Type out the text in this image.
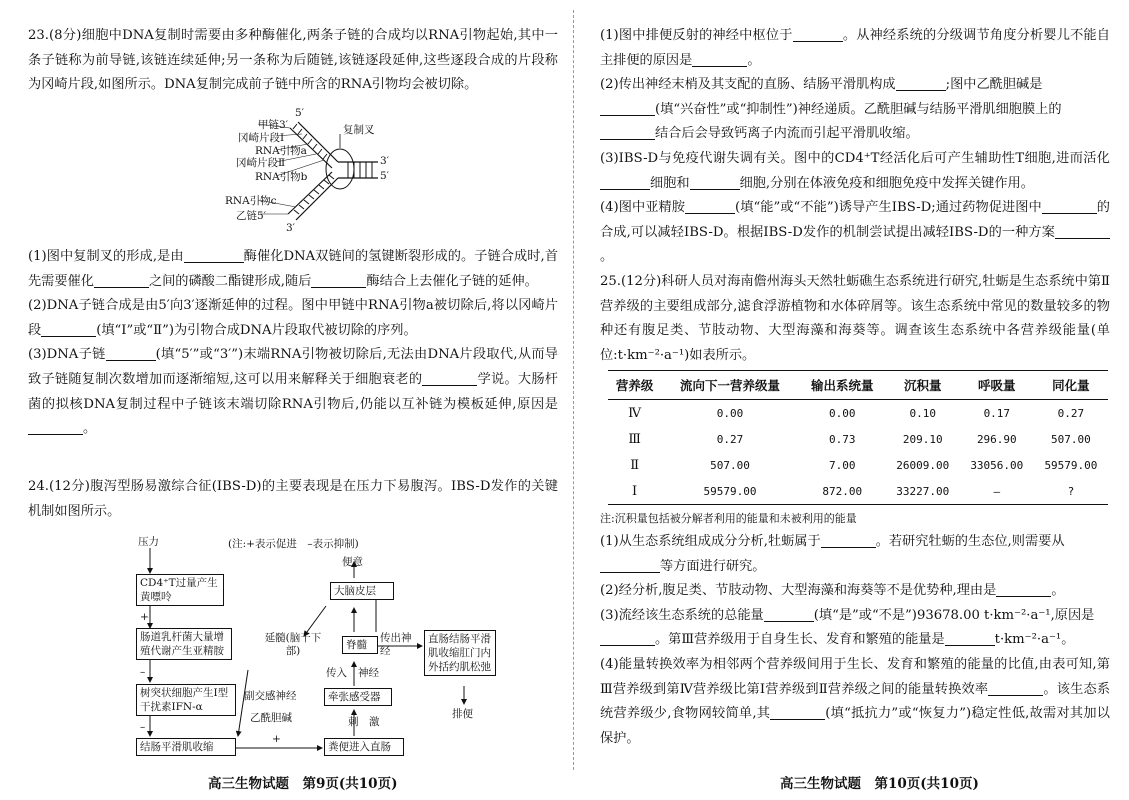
23.(8分)细胞中DNA复制时需要由多种酶催化,两条子链的合成均以RNA引物起始,其中一条子链称为前导链,该链连续延伸;另一条称为后随链,该链逐段延伸,这些逐段合成的片段称为冈崎片段,如图所示。DNA复制完成前子链中所含的RNA引物均会被切除。

甲链3′
5′
冈崎片段Ⅰ
复制叉
RNA引物a
冈崎片段Ⅱ
RNA引物b
3′
5′
RNA引物c
乙链5′
3′

(1)图中复制叉的形成,是由	酶催化DNA双链间的氢键断裂形成的。子链合成时,首先需要催化	之间的磷酸二酯键形成,随后	酶结合上去催化子链的延伸。

(2)DNA子链合成是由5′向3′逐渐延伸的过程。图中甲链中RNA引物a被切除后,将以冈崎片段	(填“Ⅰ”或“Ⅱ”)为引物合成DNA片段取代被切除的序列。

(3)DNA子链	(填“5′”或“3′”)末端RNA引物被切除后,无法由DNA片段取代,从而导致子链随复制次数增加而逐渐缩短,这可以用来解释关于细胞衰老的	学说。大肠杆菌的拟核DNA复制过程中子链该末端切除RNA引物后,仍能以互补链为模板延伸,原因是。

24.(12分)腹泻型肠易激综合征(IBS-D)的主要表现是在压力下易腹泻。IBS-D发作的关键机制如图所示。

压力	(注:+表示促进　–表示抑制)
CD4⁺T过量产生黄嘌呤
+
肠道乳杆菌大量增殖代谢产生亚精胺
–
树突状细胞产生I型干扰素IFN-α
–
结肠平滑肌收缩
+
粪便进入直肠
刺　激
牵张感受器
传入 神经
脊髓
传出神经
大脑皮层
便意
直肠结肠平滑肌收缩肛门内外括约肌松弛
排便
延髓(脑干下部)
副交感神经
乙酰胆碱
高三生物试题　第9页(共10页)

(1)图中排便反射的神经中枢位于	。从神经系统的分级调节角度分析婴儿不能自主排便的原因是	。

(2)传出神经末梢及其支配的直肠、结肠平滑肌构成	;图中乙酰胆碱是
(填“兴奋性”或“抑制性”)神经递质。乙酰胆碱与结肠平滑肌细胞膜上的
结合后会导致钙离子内流而引起平滑肌收缩。

(3)IBS-D与免疫代谢失调有关。图中的CD4⁺T经活化后可产生辅助性T细胞,进而活化细胞和	细胞,分别在体液免疫和细胞免疫中发挥关键作用。

(4)图中亚精胺	(填“能”或“不能”)诱导产生IBS-D;通过药物促进图中	的合成,可以减轻IBS-D。根据IBS-D发作的机制尝试提出减轻IBS-D的一种方案。

25.(12分)科研人员对海南儋州海头天然牡蛎礁生态系统进行研究,牡蛎是生态系统中第Ⅱ营养级的主要组成部分,滤食浮游植物和水体碎屑等。该生态系统中常见的数量较多的物种还有腹足类、节肢动物、大型海藻和海葵等。调查该生态系统中各营养级能量(单位:t·km⁻²·a⁻¹)如表所示。

营养级	流向下一营养级量	输出系统量	沉积量	呼吸量	同化量
Ⅳ	0.00	0.00	0.10	0.17	0.27
Ⅲ	0.27	0.73	209.10	296.90	507.00
Ⅱ	507.00	7.00	26009.00	33056.00	59579.00
Ⅰ	59579.00	872.00	33227.00	—	?

注:沉积量包括被分解者利用的能量和未被利用的能量

(1)从生态系统组成成分分析,牡蛎属于	。若研究牡蛎的生态位,则需要从
等方面进行研究。

(2)经分析,腹足类、节肢动物、大型海藻和海葵等不是优势种,理由是	。

(3)流经该生态系统的总能量	(填“是”或“不是”)93678.00 t·km⁻²·a⁻¹,原因是
。第Ⅲ营养级用于自身生长、发育和繁殖的能量是	t·km⁻²·a⁻¹。

(4)能量转换效率为相邻两个营养级间用于生长、发育和繁殖的能量的比值,由表可知,第Ⅲ营养级到第Ⅳ营养级比第Ⅰ营养级到Ⅱ营养级之间的能量转换效率	。该生态系统营养级少,食物网较简单,其	(填“抵抗力”或“恢复力”)稳定性低,故需对其加以保护。

高三生物试题　第10页(共10页)
